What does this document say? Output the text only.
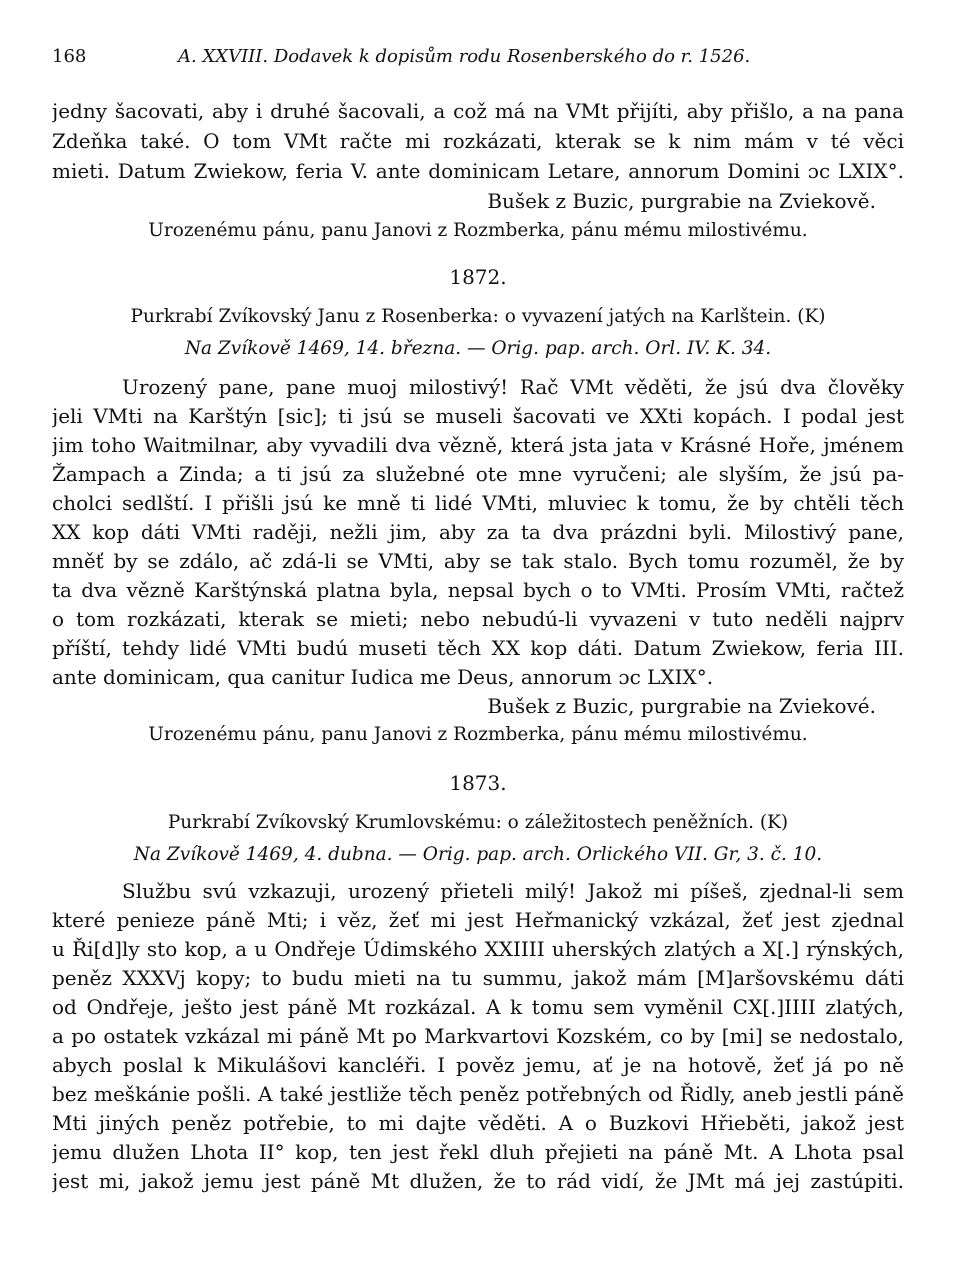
168	A. XXVIII. Dodavek k dopisům rodu Rosenberského do r. 1526.
jedny šacovati, aby i druhé šacovali, a což má na VMt přijíti, aby přišlo, a na pana
Zdeňka také. O tom VMt račte mi rozkázati, kterak se k nim mám v té věci
mieti. Datum Zwiekow, feria V. ante dominicam Letare, annorum Domini ɔc LXIX°.
Bušek z Buzic, purgrabie na Zviekově.
Urozenému pánu, panu Janovi z Rozmberka, pánu mému milostivému.
1872.
Purkrabí Zvíkovský Janu z Rosenberka: o vyvazení jatých na Karlštein. (K)
Na Zvíkově 1469, 14. března. — Orig. pap. arch. Orl. IV. K. 34.
Urozený pane, pane muoj milostivý! Rač VMt věděti, že jsú dva člověky
jeli VMti na Karštýn [sic]; ti jsú se museli šacovati ve XXti kopách. I podal jest
jim toho Waitmilnar, aby vyvadili dva vězně, která jsta jata v Krásné Hoře, jménem
Žampach a Zinda; a ti jsú za služebné ote mne vyručeni; ale slyším, že jsú pa-
cholci sedlští. I přišli jsú ke mně ti lidé VMti, mluviec k tomu, že by chtěli těch
XX kop dáti VMti raději, nežli jim, aby za ta dva prázdni byli. Milostivý pane,
mněť by se zdálo, ač zdá-li se VMti, aby se tak stalo. Bych tomu rozuměl, že by
ta dva vězně Karštýnská platna byla, nepsal bych o to VMti. Prosím VMti, račtež
o tom rozkázati, kterak se mieti; nebo nebudú-li vyvazeni v tuto neděli najprv
příští, tehdy lidé VMti budú museti těch XX kop dáti. Datum Zwiekow, feria III.
ante dominicam, qua canitur Iudica me Deus, annorum ɔc LXIX°.
Bušek z Buzic, purgrabie na Zviekové.
Urozenému pánu, panu Janovi z Rozmberka, pánu mému milostivému.
1873.
Purkrabí Zvíkovský Krumlovskému: o záležitostech peněžních. (K)
Na Zvíkově 1469, 4. dubna. — Orig. pap. arch. Orlického VII. Gr, 3. č. 10.
Službu svú vzkazuji, urozený přieteli milý! Jakož mi píšeš, zjednal-li sem
které penieze páně Mti; i věz, žeť mi jest Heřmanický vzkázal, žeť jest zjednal
u Ři[d]ly sto kop, a u Ondřeje Údimského XXIIII uherských zlatých a X[.] rýnských,
peněz XXXVj kopy; to budu mieti na tu summu, jakož mám [M]aršovskému dáti
od Ondřeje, ješto jest páně Mt rozkázal. A k tomu sem vyměnil CX[.]IIII zlatých,
a po ostatek vzkázal mi páně Mt po Markvartovi Kozském, co by [mi] se nedostalo,
abych poslal k Mikulášovi kancléři. I pověz jemu, ať je na hotově, žeť já po ně
bez meškánie pošli. A také jestliže těch peněz potřebných od Řidly, aneb jestli páně
Mti jiných peněz potřebie, to mi dajte věděti. A o Buzkovi Hřieběti, jakož jest
jemu dlužen Lhota II° kop, ten jest řekl dluh přejieti na páně Mt. A Lhota psal
jest mi, jakož jemu jest páně Mt dlužen, že to rád vidí, že JMt má jej zastúpiti.
